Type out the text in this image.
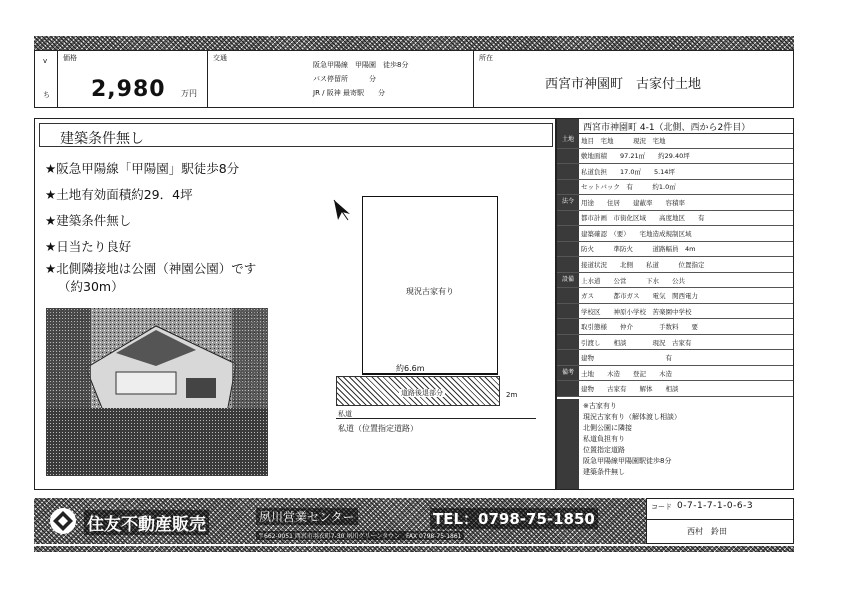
v
ち
価格
2,980 万円
交通
阪急甲陽線　甲陽園　徒歩8分
バス停留所　　　分
JR / 阪神 最寄駅　　分
所在
西宮市神園町　古家付土地
建築条件無し
★阪急甲陽線「甲陽園」駅徒歩8分
★土地有効面積約29．4坪
★建築条件無し
★日当たり良好
★北側隣接地は公園（神園公園）です
（約30m）	現況古家有り
約6.6m
道路後退部分	2m
私道
私道（位置指定道路）
西宮市神園町 4-1（北側、西から2件目）
土地	地目　宅地　　　現況　宅地
敷地面積　　97.21㎡　　約29.40坪
私道負担　　17.0㎡　　5.14坪
セットバック　有　　　約1.0㎡
法令	用途　　住居　　建蔽率　　容積率
都市計画　市街化区域　　高度地区　　有
建築確認　（要）　　宅地造成規制区域
防火　　　準防火　　　道路幅員　4m
接道状況　　北側　　私道　　　位置指定
設備	上水道　　公営　　　下水　　公共
ガス　　　都市ガス　　電気　関西電力
学校区　　神原小学校　苦楽園中学校
取引態様　　仲介　　　　手数料　　要
引渡し　　相談　　　　現況　古家有
建物　　　　　　　　　　　有
備考	土地　　木造　　登記　　木造
建物　　古家有　　解体　　相談
※古家有り
現況古家有り（解体渡し相談）
北側公園に隣接
私道負担有り
位置指定道路
阪急甲陽線甲陽園駅徒歩8分
建築条件無し
住友不動産販売	夙川営業センター	TEL：0798-75-1850
〒662-0051 西宮市羽衣町7-30 夙川グリーンタウン　FAX 0798-75-1861
コード 0-7-1-7-1-0-6-3
西村　鈴田
